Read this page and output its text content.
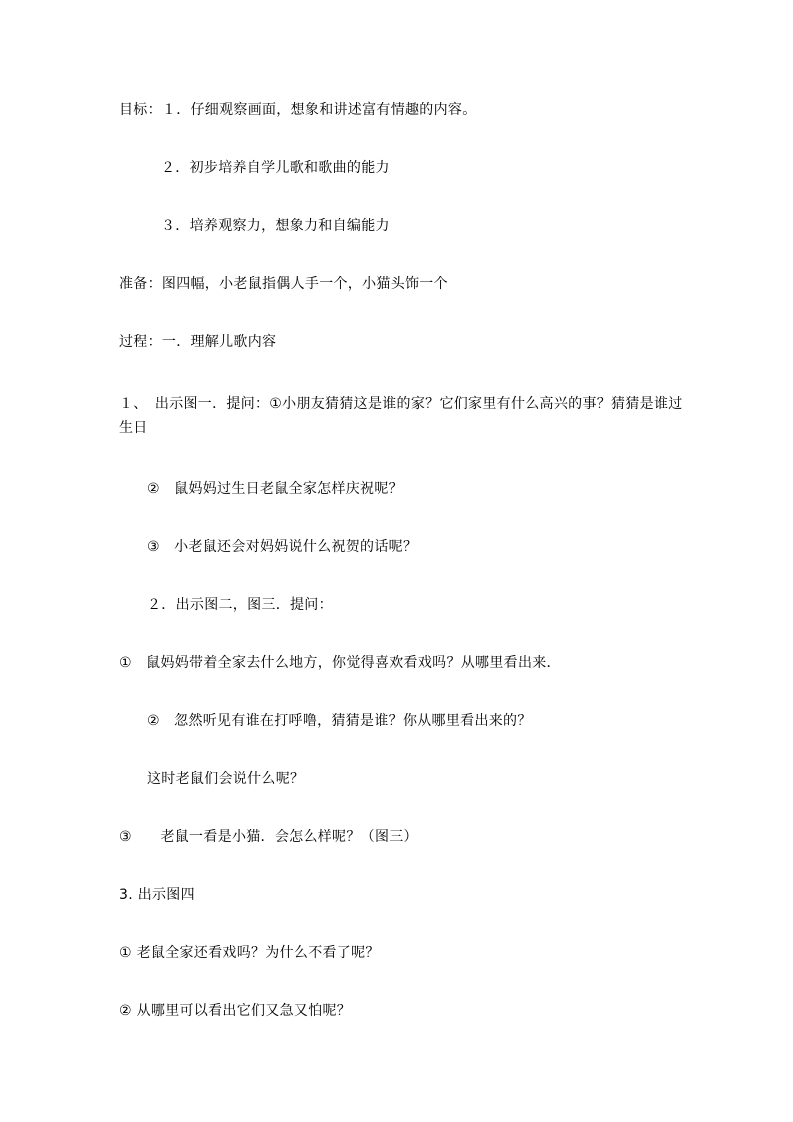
目标：１．仔细观察画面，想象和讲述富有情趣的内容。
２．初步培养自学儿歌和歌曲的能力
３．培养观察力，想象力和自编能力
准备：图四幅，小老鼠指偶人手一个，小猫头饰一个
过程：一．理解儿歌内容
１、　出示图一．提问：①小朋友猜猜这是谁的家？它们家里有什么高兴的事？猜猜是谁过生日
②　鼠妈妈过生日老鼠全家怎样庆祝呢？
③　小老鼠还会对妈妈说什么祝贺的话呢？
２．出示图二，图三．提问：
①　鼠妈妈带着全家去什么地方，你觉得喜欢看戏吗？从哪里看出来．
②　忽然听见有谁在打呼噜，猜猜是谁？你从哪里看出来的？
这时老鼠们会说什么呢？
③　　老鼠一看是小猫．会怎么样呢？（图三）
3. 出示图四
① 老鼠全家还看戏吗？为什么不看了呢？
② 从哪里可以看出它们又急又怕呢？
